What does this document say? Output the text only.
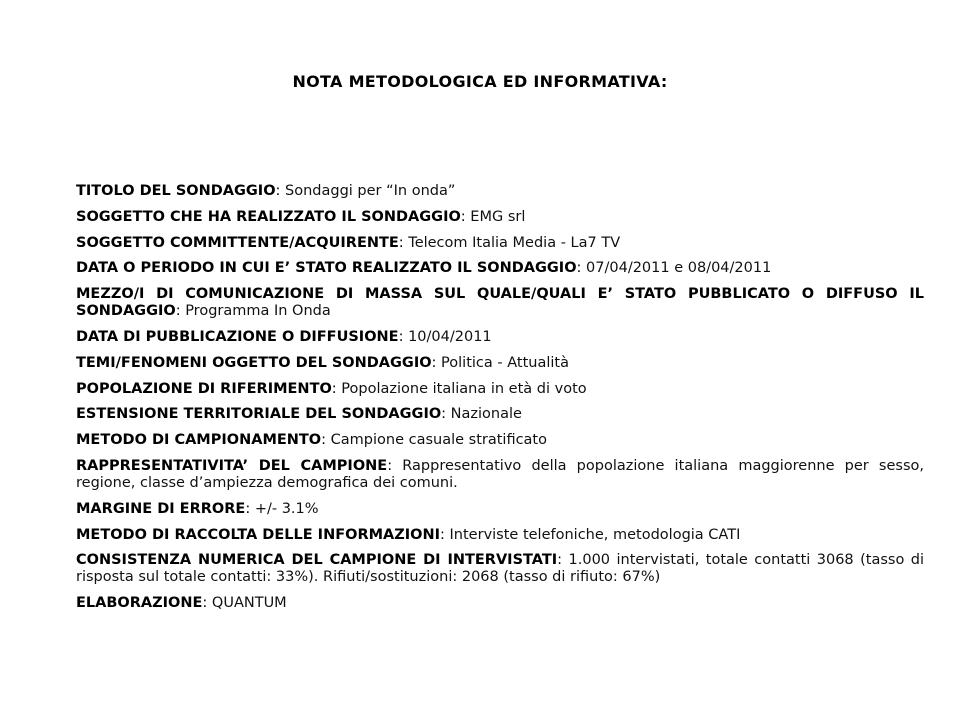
NOTA METODOLOGICA ED INFORMATIVA:
TITOLO DEL SONDAGGIO: Sondaggi per “In onda”
SOGGETTO CHE HA REALIZZATO IL SONDAGGIO: EMG srl
SOGGETTO COMMITTENTE/ACQUIRENTE: Telecom Italia Media - La7 TV
DATA O PERIODO IN CUI E’ STATO REALIZZATO IL SONDAGGIO: 07/04/2011 e 08/04/2011
MEZZO/I DI COMUNICAZIONE DI MASSA SUL QUALE/QUALI E’ STATO PUBBLICATO O DIFFUSO IL SONDAGGIO: Programma In Onda
DATA DI PUBBLICAZIONE O DIFFUSIONE: 10/04/2011
TEMI/FENOMENI OGGETTO DEL SONDAGGIO: Politica - Attualità
POPOLAZIONE DI RIFERIMENTO: Popolazione italiana in età di voto
ESTENSIONE TERRITORIALE DEL SONDAGGIO: Nazionale
METODO DI CAMPIONAMENTO: Campione casuale stratificato
RAPPRESENTATIVITA’ DEL CAMPIONE: Rappresentativo della popolazione italiana maggiorenne per sesso, regione, classe d’ampiezza demografica dei comuni.
MARGINE DI ERRORE: +/- 3.1%
METODO DI RACCOLTA DELLE INFORMAZIONI: Interviste telefoniche, metodologia CATI
CONSISTENZA NUMERICA DEL CAMPIONE DI INTERVISTATI: 1.000 intervistati, totale contatti 3068 (tasso di risposta sul totale contatti: 33%). Rifiuti/sostituzioni: 2068 (tasso di rifiuto: 67%)
ELABORAZIONE: QUANTUM
